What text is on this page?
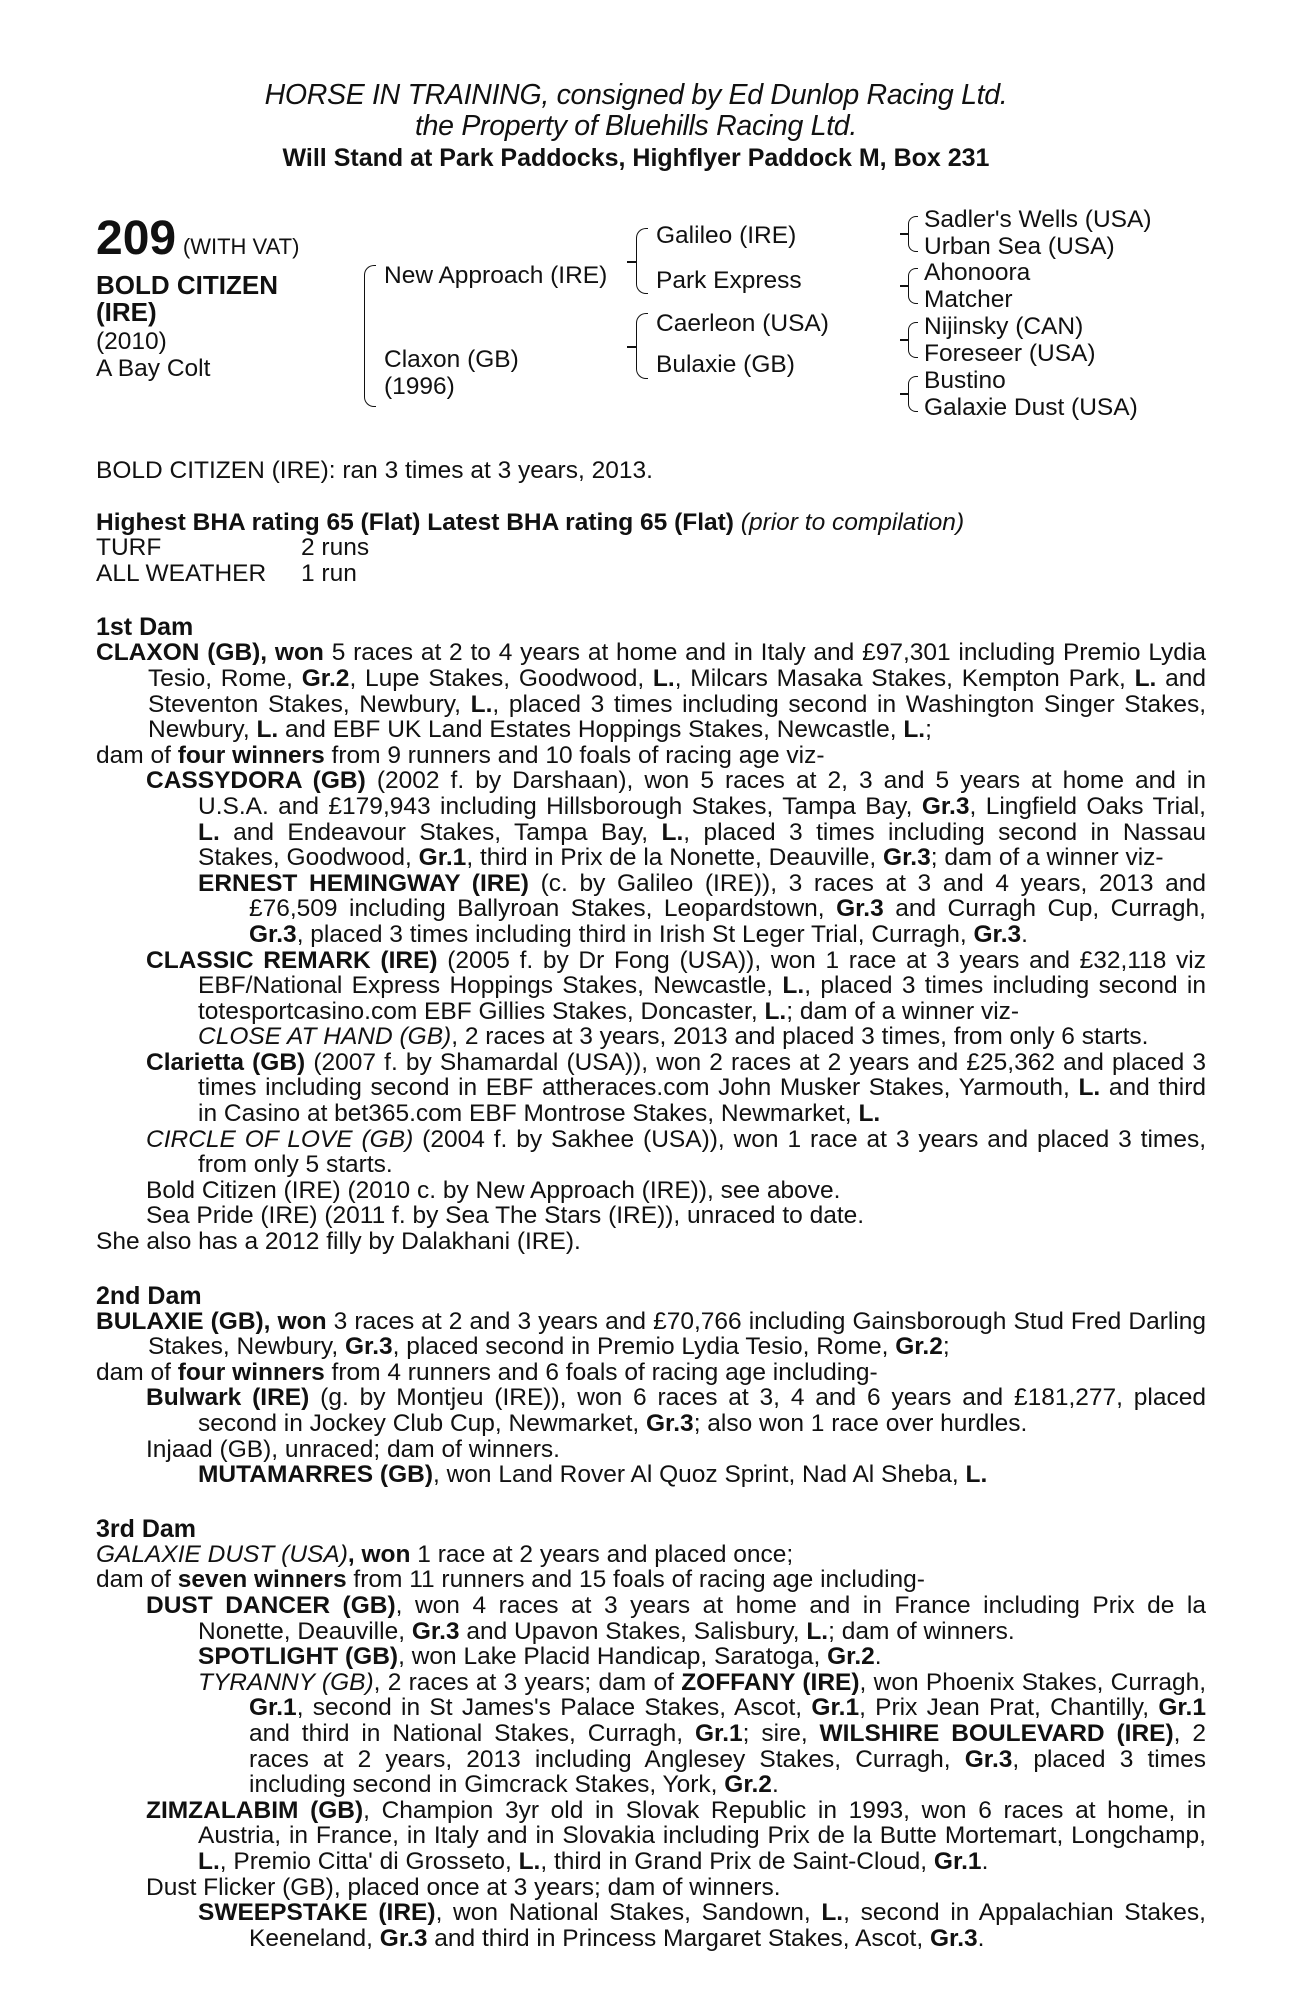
HORSE IN TRAINING, consigned by Ed Dunlop Racing Ltd.
the Property of Bluehills Racing Ltd.
Will Stand at Park Paddocks, Highflyer Paddock M, Box 231
209 (WITH VAT)
BOLD CITIZEN
(IRE)
(2010)
A Bay Colt
New Approach (IRE)
Claxon (GB)
(1996)
Galileo (IRE)
Park Express
Caerleon (USA)
Bulaxie (GB)
Sadler's Wells (USA)
Urban Sea (USA)
Ahonoora
Matcher
Nijinsky (CAN)
Foreseer (USA)
Bustino
Galaxie Dust (USA)
BOLD CITIZEN (IRE): ran 3 times at 3 years, 2013.
Highest BHA rating 65 (Flat) Latest BHA rating 65 (Flat) (prior to compilation)
TURF	2 runs
ALL WEATHER	1 run
1st Dam
CLAXON (GB), won 5 races at 2 to 4 years at home and in Italy and £97,301 including Premio Lydia Tesio, Rome, Gr.2, Lupe Stakes, Goodwood, L., Milcars Masaka Stakes, Kempton Park, L. and Steventon Stakes, Newbury, L., placed 3 times including second in Washington Singer Stakes, Newbury, L. and EBF UK Land Estates Hoppings Stakes, Newcastle, L.;
dam of four winners from 9 runners and 10 foals of racing age viz-
CASSYDORA (GB) (2002 f. by Darshaan), won 5 races at 2, 3 and 5 years at home and in U.S.A. and £179,943 including Hillsborough Stakes, Tampa Bay, Gr.3, Lingfield Oaks Trial, L. and Endeavour Stakes, Tampa Bay, L., placed 3 times including second in Nassau Stakes, Goodwood, Gr.1, third in Prix de la Nonette, Deauville, Gr.3; dam of a winner viz-
ERNEST HEMINGWAY (IRE) (c. by Galileo (IRE)), 3 races at 3 and 4 years, 2013 and £76,509 including Ballyroan Stakes, Leopardstown, Gr.3 and Curragh Cup, Curragh, Gr.3, placed 3 times including third in Irish St Leger Trial, Curragh, Gr.3.
CLASSIC REMARK (IRE) (2005 f. by Dr Fong (USA)), won 1 race at 3 years and £32,118 viz EBF/National Express Hoppings Stakes, Newcastle, L., placed 3 times including second in totesportcasino.com EBF Gillies Stakes, Doncaster, L.; dam of a winner viz-
CLOSE AT HAND (GB), 2 races at 3 years, 2013 and placed 3 times, from only 6 starts.
Clarietta (GB) (2007 f. by Shamardal (USA)), won 2 races at 2 years and £25,362 and placed 3 times including second in EBF attheraces.com John Musker Stakes, Yarmouth, L. and third in Casino at bet365.com EBF Montrose Stakes, Newmarket, L.
CIRCLE OF LOVE (GB) (2004 f. by Sakhee (USA)), won 1 race at 3 years and placed 3 times, from only 5 starts.
Bold Citizen (IRE) (2010 c. by New Approach (IRE)), see above.
Sea Pride (IRE) (2011 f. by Sea The Stars (IRE)), unraced to date.
She also has a 2012 filly by Dalakhani (IRE).
2nd Dam
BULAXIE (GB), won 3 races at 2 and 3 years and £70,766 including Gainsborough Stud Fred Darling Stakes, Newbury, Gr.3, placed second in Premio Lydia Tesio, Rome, Gr.2;
dam of four winners from 4 runners and 6 foals of racing age including-
Bulwark (IRE) (g. by Montjeu (IRE)), won 6 races at 3, 4 and 6 years and £181,277, placed second in Jockey Club Cup, Newmarket, Gr.3; also won 1 race over hurdles.
Injaad (GB), unraced; dam of winners.
MUTAMARRES (GB), won Land Rover Al Quoz Sprint, Nad Al Sheba, L.
3rd Dam
GALAXIE DUST (USA), won 1 race at 2 years and placed once;
dam of seven winners from 11 runners and 15 foals of racing age including-
DUST DANCER (GB), won 4 races at 3 years at home and in France including Prix de la Nonette, Deauville, Gr.3 and Upavon Stakes, Salisbury, L.; dam of winners.
SPOTLIGHT (GB), won Lake Placid Handicap, Saratoga, Gr.2.
TYRANNY (GB), 2 races at 3 years; dam of ZOFFANY (IRE), won Phoenix Stakes, Curragh, Gr.1, second in St James's Palace Stakes, Ascot, Gr.1, Prix Jean Prat, Chantilly, Gr.1 and third in National Stakes, Curragh, Gr.1; sire, WILSHIRE BOULEVARD (IRE), 2 races at 2 years, 2013 including Anglesey Stakes, Curragh, Gr.3, placed 3 times including second in Gimcrack Stakes, York, Gr.2.
ZIMZALABIM (GB), Champion 3yr old in Slovak Republic in 1993, won 6 races at home, in Austria, in France, in Italy and in Slovakia including Prix de la Butte Mortemart, Longchamp, L., Premio Citta' di Grosseto, L., third in Grand Prix de Saint-Cloud, Gr.1.
Dust Flicker (GB), placed once at 3 years; dam of winners.
SWEEPSTAKE (IRE), won National Stakes, Sandown, L., second in Appalachian Stakes, Keeneland, Gr.3 and third in Princess Margaret Stakes, Ascot, Gr.3.
